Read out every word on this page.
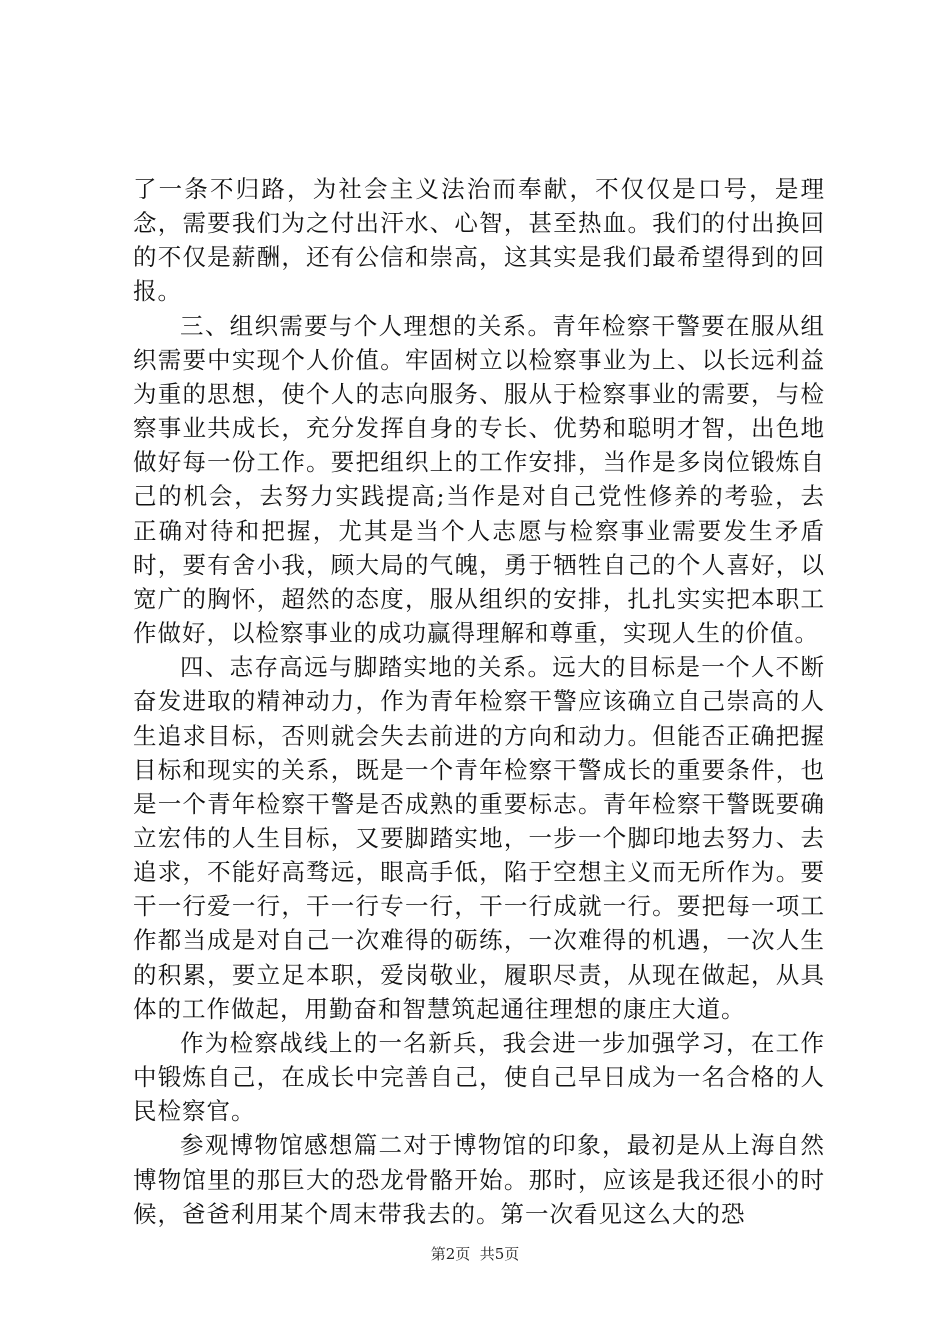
了一条不归路，为社会主义法治而奉献，不仅仅是口号，是理念，需要我们为之付出汗水、心智，甚至热血。我们的付出换回的不仅是薪酬，还有公信和崇高，这其实是我们最希望得到的回报。

三、组织需要与个人理想的关系。青年检察干警要在服从组织需要中实现个人价值。牢固树立以检察事业为上、以长远利益为重的思想，使个人的志向服务、服从于检察事业的需要，与检察事业共成长，充分发挥自身的专长、优势和聪明才智，出色地做好每一份工作。要把组织上的工作安排，当作是多岗位锻炼自己的机会，去努力实践提高;当作是对自己党性修养的考验，去正确对待和把握，尤其是当个人志愿与检察事业需要发生矛盾时，要有舍小我，顾大局的气魄，勇于牺牲自己的个人喜好，以宽广的胸怀，超然的态度，服从组织的安排，扎扎实实把本职工作做好，以检察事业的成功赢得理解和尊重，实现人生的价值。

四、志存高远与脚踏实地的关系。远大的目标是一个人不断奋发进取的精神动力，作为青年检察干警应该确立自己崇高的人生追求目标，否则就会失去前进的方向和动力。但能否正确把握目标和现实的关系，既是一个青年检察干警成长的重要条件，也是一个青年检察干警是否成熟的重要标志。青年检察干警既要确立宏伟的人生目标，又要脚踏实地，一步一个脚印地去努力、去追求，不能好高骛远，眼高手低，陷于空想主义而无所作为。要干一行爱一行，干一行专一行，干一行成就一行。要把每一项工作都当成是对自己一次难得的砺练，一次难得的机遇，一次人生的积累，要立足本职，爱岗敬业，履职尽责，从现在做起，从具体的工作做起，用勤奋和智慧筑起通往理想的康庄大道。

作为检察战线上的一名新兵，我会进一步加强学习，在工作中锻炼自己，在成长中完善自己，使自己早日成为一名合格的人民检察官。

参观博物馆感想篇二对于博物馆的印象，最初是从上海自然博物馆里的那巨大的恐龙骨骼开始。那时，应该是我还很小的时候，爸爸利用某个周末带我去的。第一次看见这么大的恐

第2页  共5页
